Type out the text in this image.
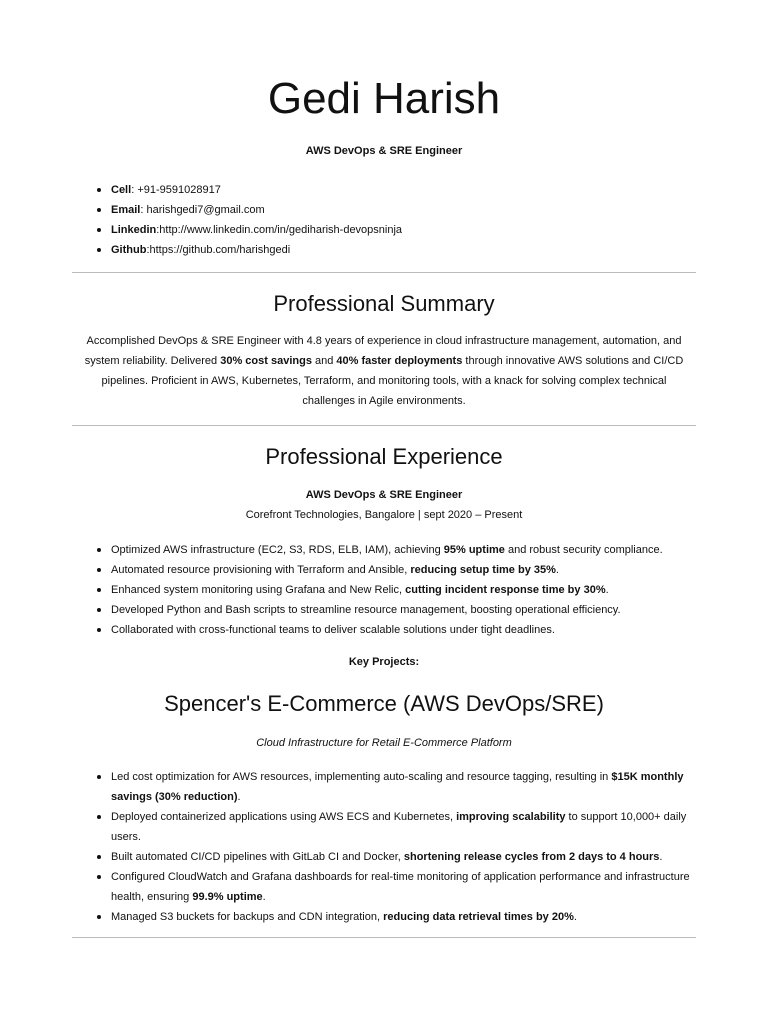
Gedi Harish
AWS DevOps & SRE Engineer
Cell: +91-9591028917
Email: harishgedi7@gmail.com
Linkedin:http://www.linkedin.com/in/gediharish-devopsninja
Github:https://github.com/harishgedi
Professional Summary

Accomplished DevOps & SRE Engineer with 4.8 years of experience in cloud infrastructure management, automation, and system reliability. Delivered 30% cost savings and 40% faster deployments through innovative AWS solutions and CI/CD pipelines. Proficient in AWS, Kubernetes, Terraform, and monitoring tools, with a knack for solving complex technical challenges in Agile environments.

Professional Experience
AWS DevOps & SRE Engineer
Corefront Technologies, Bangalore | sept 2020 – Present
Optimized AWS infrastructure (EC2, S3, RDS, ELB, IAM), achieving 95% uptime and robust security compliance.
Automated resource provisioning with Terraform and Ansible, reducing setup time by 35%.
Enhanced system monitoring using Grafana and New Relic, cutting incident response time by 30%.
Developed Python and Bash scripts to streamline resource management, boosting operational efficiency.
Collaborated with cross-functional teams to deliver scalable solutions under tight deadlines.
Key Projects:
Spencer's E-Commerce (AWS DevOps/SRE)
Cloud Infrastructure for Retail E-Commerce Platform
Led cost optimization for AWS resources, implementing auto-scaling and resource tagging, resulting in $15K monthly savings (30% reduction).
Deployed containerized applications using AWS ECS and Kubernetes, improving scalability to support 10,000+ daily users.
Built automated CI/CD pipelines with GitLab CI and Docker, shortening release cycles from 2 days to 4 hours.
Configured CloudWatch and Grafana dashboards for real-time monitoring of application performance and infrastructure health, ensuring 99.9% uptime.
Managed S3 buckets for backups and CDN integration, reducing data retrieval times by 20%.
